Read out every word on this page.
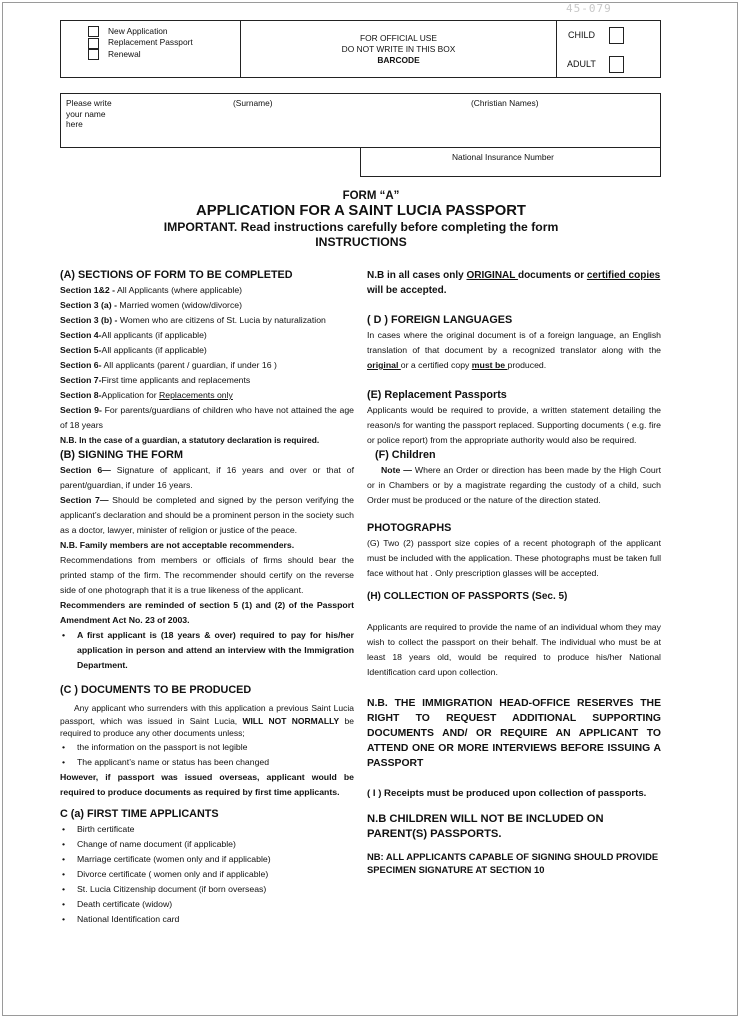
45-079
New Application
Replacement Passport
Renewal
FOR OFFICIAL USE
DO NOT WRITE IN THIS BOX
BARCODE
CHILD
ADULT
Please write
your name
here
(Surname)	(Christian Names)
National Insurance Number
FORM “A”
APPLICATION FOR A SAINT LUCIA PASSPORT
IMPORTANT. Read instructions carefully before completing the form
INSTRUCTIONS

(A) SECTIONS OF FORM TO BE COMPLETED

Section 1&2 - All Applicants (where applicable)

Section 3 (a) - Married women (widow/divorce)

Section 3 (b) - Women who are citizens of St. Lucia by naturalization

Section 4-All applicants (if applicable)

Section 5-All applicants (if applicable)

Section 6- All applicants (parent / guardian, if under 16 )

Section 7-First time applicants and replacements

Section 8-Application for Replacements only

Section 9- For parents/guardians of children who have not attained the age of 18 years

N.B. In the case of a guardian, a statutory declaration is required.

(B) SIGNING THE FORM

Section 6— Signature of applicant, if 16 years and over or that of parent/guardian, if under 16 years.

Section 7— Should be completed and signed by the person verifying the applicant’s declaration and should be a prominent person in the society such as a doctor, lawyer, minister of religion or justice of the peace.

N.B. Family members are not acceptable recommenders.

Recommendations from members or officials of firms should bear the printed stamp of the firm. The recommender should certify on the reverse side of one photograph that it is a true likeness of the applicant.

Recommenders are reminded of section 5 (1) and (2) of the Passport Amendment Act No. 23 of 2003.

• A first applicant is (18 years & over) required to pay for his/her application in person and attend an interview with the Immigration Department.

(C ) DOCUMENTS TO BE PRODUCED

Any applicant who surrenders with this application a previous Saint Lucia passport, which was issued in Saint Lucia, WILL NOT NORMALLY be required to produce any other documents unless;

• the information on the passport is not legible

• The applicant’s name or status has been changed

However, if passport was issued overseas, applicant would be required to produce documents as required by first time applicants.

C (a) FIRST TIME APPLICANTS

• Birth certificate

• Change of name document (if applicable)

• Marriage certificate (women only and if applicable)

• Divorce certificate ( women only and if applicable)

• St. Lucia Citizenship document (if born overseas)

• Death certificate (widow)

• National Identification card

N.B in all cases only ORIGINAL documents or certified copies will be accepted.

( D ) FOREIGN LANGUAGES

In cases where the original document is of a foreign language, an English translation of that document by a recognized translator along with the original or a certified copy must be produced.

(E) Replacement Passports

Applicants would be required to provide, a written statement detailing the reason/s for wanting the passport replaced. Supporting documents ( e.g. fire or police report) from the appropriate authority would also be required.

(F) Children

Note — Where an Order or direction has been made by the High Court or in Chambers or by a magistrate regarding the custody of a child, such Order must be produced or the nature of the direction stated.

PHOTOGRAPHS

(G) Two (2) passport size copies of a recent photograph of the applicant must be included with the application. These photographs must be taken full face without hat . Only prescription glasses will be accepted.

(H) COLLECTION OF PASSPORTS (Sec. 5)

Applicants are required to provide the name of an individual whom they may wish to collect the passport on their behalf. The individual who must be at least 18 years old, would be required to produce his/her National Identification card upon collection.

N.B. THE IMMIGRATION HEAD-OFFICE RESERVES THE RIGHT TO REQUEST ADDITIONAL SUPPORTING DOCUMENTS AND/ OR REQUIRE AN APPLICANT TO ATTEND ONE OR MORE INTERVIEWS BEFORE ISSUING A PASSPORT

( I ) Receipts must be produced upon collection of passports.

N.B CHILDREN WILL NOT BE INCLUDED ON PARENT(S) PASSPORTS.

NB: ALL APPLICANTS CAPABLE OF SIGNING SHOULD PROVIDE SPECIMEN SIGNATURE AT SECTION 10
